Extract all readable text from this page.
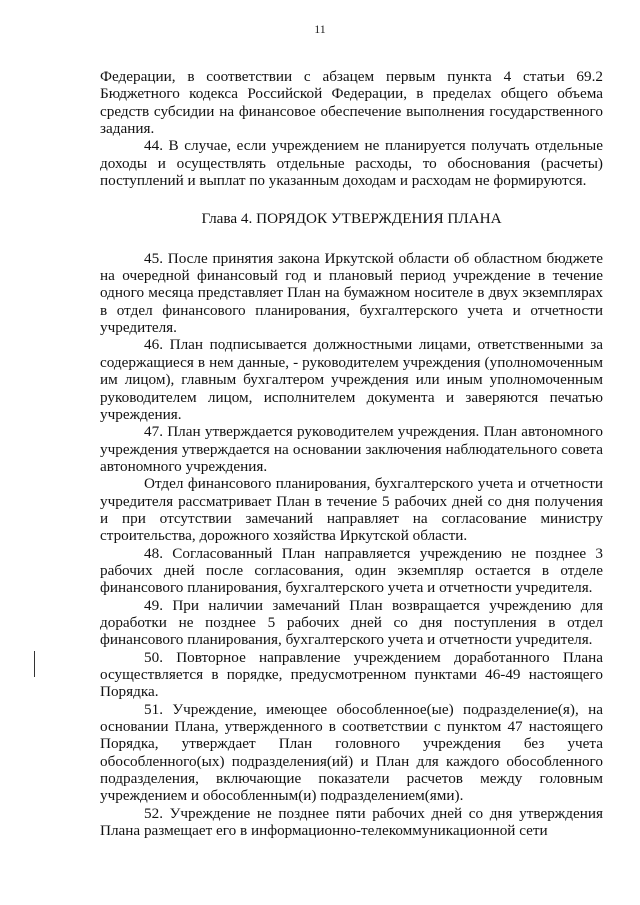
11

Федерации, в соответствии с абзацем первым пункта 4 статьи 69.2 Бюджетного кодекса Российской Федерации, в пределах общего объема средств субсидии на финансовое обеспечение выполнения государственного задания.

44. В случае, если учреждением не планируется получать отдельные доходы и осуществлять отдельные расходы, то обоснования (расчеты) поступлений и выплат по указанным доходам и расходам не формируются.

Глава 4. ПОРЯДОК УТВЕРЖДЕНИЯ ПЛАНА

45. После принятия закона Иркутской области об областном бюджете на очередной финансовый год и плановый период учреждение в течение одного месяца представляет План на бумажном носителе в двух экземплярах в отдел финансового планирования, бухгалтерского учета и отчетности учредителя.

46. План подписывается должностными лицами, ответственными за содержащиеся в нем данные, - руководителем учреждения (уполномоченным им лицом), главным бухгалтером учреждения или иным уполномоченным руководителем лицом, исполнителем документа и заверяются печатью учреждения.

47. План утверждается руководителем учреждения. План автономного учреждения утверждается на основании заключения наблюдательного совета автономного учреждения.

Отдел финансового планирования, бухгалтерского учета и отчетности учредителя рассматривает План в течение 5 рабочих дней со дня получения и при отсутствии замечаний направляет на согласование министру строительства, дорожного хозяйства Иркутской области.

48. Согласованный План направляется учреждению не позднее 3 рабочих дней после согласования, один экземпляр остается в отделе финансового планирования, бухгалтерского учета и отчетности учредителя.

49. При наличии замечаний План возвращается учреждению для доработки не позднее 5 рабочих дней со дня поступления в отдел финансового планирования, бухгалтерского учета и отчетности учредителя.

50. Повторное направление учреждением доработанного Плана осуществляется в порядке, предусмотренном пунктами 46-49 настоящего Порядка.

51. Учреждение, имеющее обособленное(ые) подразделение(я), на основании Плана, утвержденного в соответствии с пунктом 47 настоящего Порядка, утверждает План головного учреждения без учета обособленного(ых) подразделения(ий) и План для каждого обособленного подразделения, включающие показатели расчетов между головным учреждением и обособленным(и) подразделением(ями).

52. Учреждение не позднее пяти рабочих дней со дня утверждения Плана размещает его в информационно-телекоммуникационной сети
